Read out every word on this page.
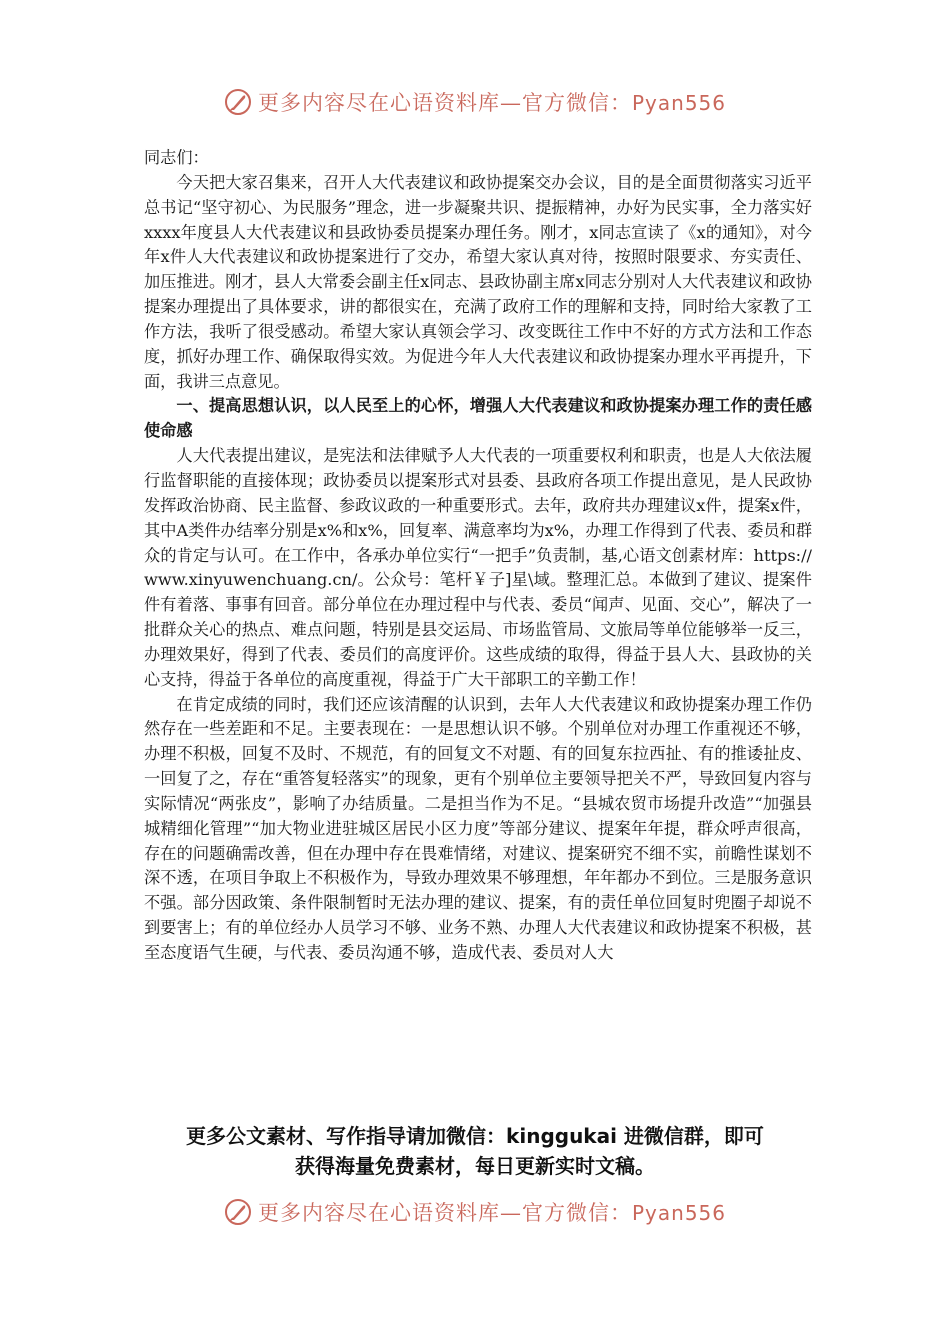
更多内容尽在心语资料库—官方微信：Pyan556

同志们：

今天把大家召集来，召开人大代表建议和政协提案交办会议，目的是全面贯彻落实习近平总书记“坚守初心、为民服务”理念，进一步凝聚共识、提振精神，办好为民实事，全力落实好xxxx年度县人大代表建议和县政协委员提案办理任务。刚才，x同志宣读了《x的通知》，对今年x件人大代表建议和政协提案进行了交办，希望大家认真对待，按照时限要求、夯实责任、加压推进。刚才，县人大常委会副主任x同志、县政协副主席x同志分别对人大代表建议和政协提案办理提出了具体要求，讲的都很实在，充满了政府工作的理解和支持，同时给大家教了工作方法，我听了很受感动。希望大家认真领会学习、改变既往工作中不好的方式方法和工作态度，抓好办理工作、确保取得实效。为促进今年人大代表建议和政协提案办理水平再提升，下面，我讲三点意见。

一、提高思想认识，以人民至上的心怀，增强人大代表建议和政协提案办理工作的责任感使命感

人大代表提出建议，是宪法和法律赋予人大代表的一项重要权利和职责，也是人大依法履行监督职能的直接体现；政协委员以提案形式对县委、县政府各项工作提出意见，是人民政协发挥政治协商、民主监督、参政议政的一种重要形式。去年，政府共办理建议x件，提案x件，其中A类件办结率分别是x%和x%，回复率、满意率均为x%，办理工作得到了代表、委员和群众的肯定与认可。在工作中，各承办单位实行“一把手”负责制，基,心语文创素材库：https://www.xinyuwenchuang.cn/。公众号：笔杆￥子]星\域。整理汇总。本做到了建议、提案件件有着落、事事有回音。部分单位在办理过程中与代表、委员“闻声、见面、交心”，解决了一批群众关心的热点、难点问题，特别是县交运局、市场监管局、文旅局等单位能够举一反三，办理效果好，得到了代表、委员们的高度评价。这些成绩的取得，得益于县人大、县政协的关心支持，得益于各单位的高度重视，得益于广大干部职工的辛勤工作！

在肯定成绩的同时，我们还应该清醒的认识到，去年人大代表建议和政协提案办理工作仍然存在一些差距和不足。主要表现在：一是思想认识不够。个别单位对办理工作重视还不够，办理不积极，回复不及时、不规范，有的回复文不对题、有的回复东拉西扯、有的推诿扯皮、一回复了之，存在“重答复轻落实”的现象，更有个别单位主要领导把关不严，导致回复内容与实际情况“两张皮”，影响了办结质量。二是担当作为不足。“县城农贸市场提升改造”“加强县城精细化管理”“加大物业进驻城区居民小区力度”等部分建议、提案年年提，群众呼声很高，存在的问题确需改善，但在办理中存在畏难情绪，对建议、提案研究不细不实，前瞻性谋划不深不透，在项目争取上不积极作为，导致办理效果不够理想，年年都办不到位。三是服务意识不强。部分因政策、条件限制暂时无法办理的建议、提案，有的责任单位回复时兜圈子却说不到要害上；有的单位经办人员学习不够、业务不熟、办理人大代表建议和政协提案不积极，甚至态度语气生硬，与代表、委员沟通不够，造成代表、委员对人大

更多公文素材、写作指导请加微信：kinggukai 进微信群，即可
获得海量免费素材，每日更新实时文稿。
更多内容尽在心语资料库—官方微信：Pyan556
